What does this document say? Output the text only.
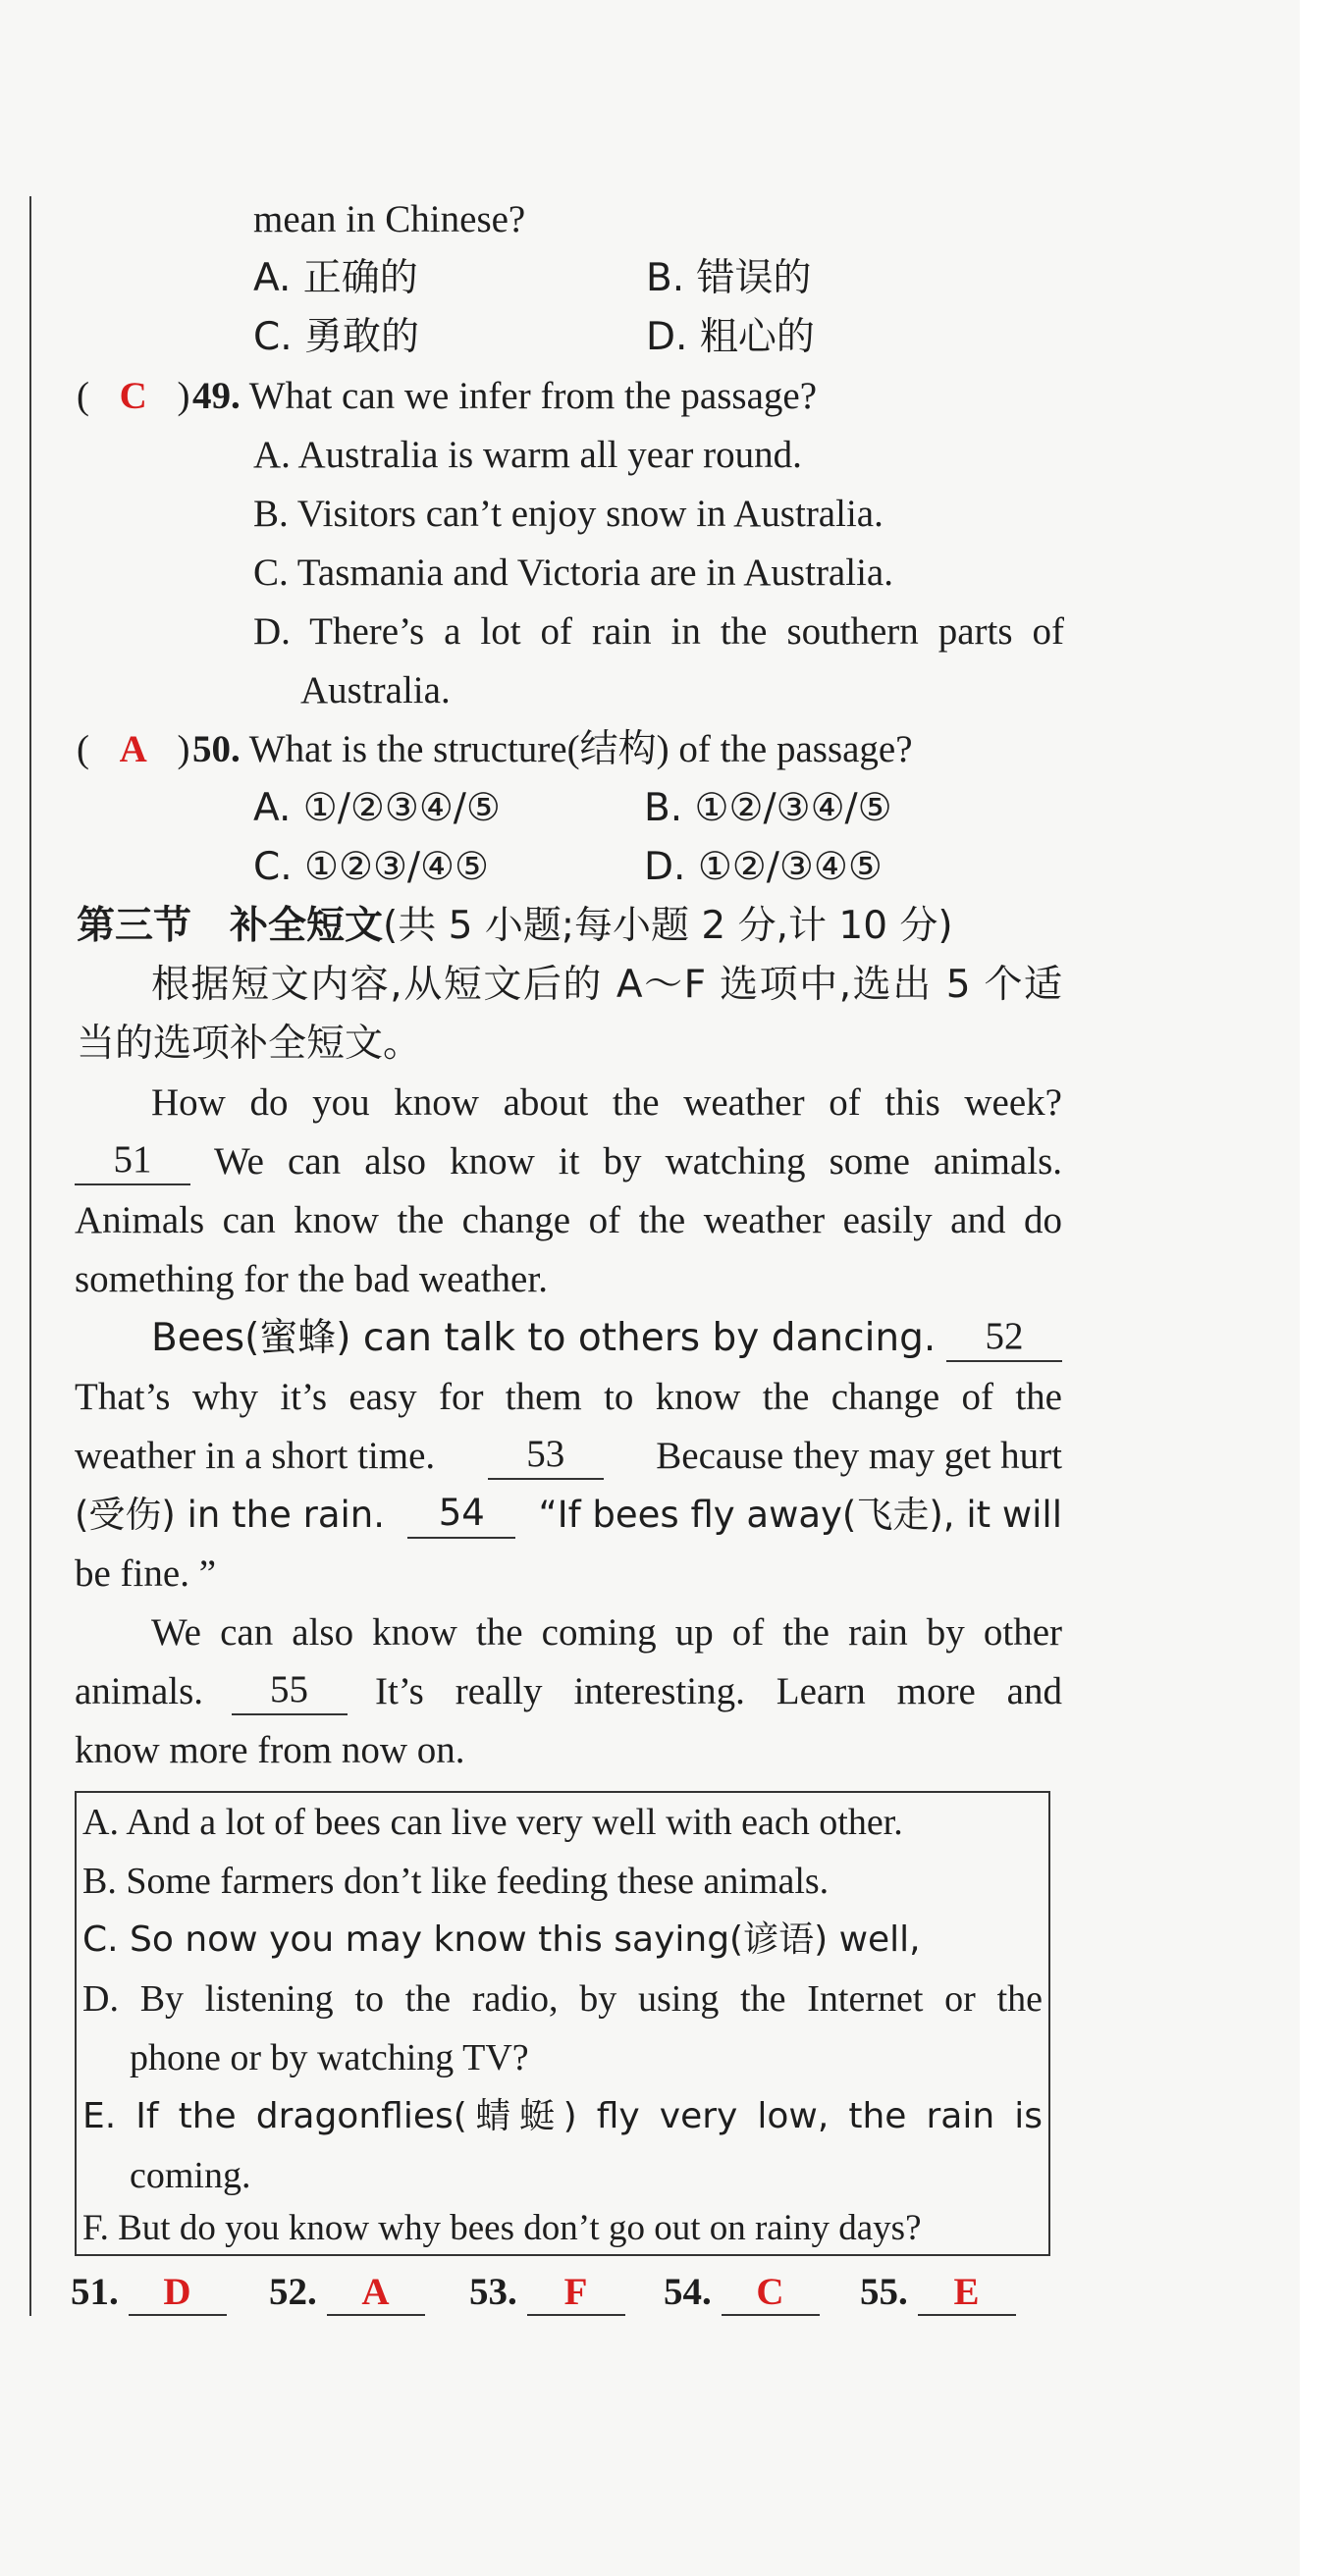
mean in Chinese?
A. 正确的	B. 错误的
C. 勇敢的	D. 粗心的
( C ) 49. What can we infer from the passage?
A. Australia is warm all year round.
B. Visitors can’t enjoy snow in Australia.
C. Tasmania and Victoria are in Australia.
D. There’s a lot of rain in the southern parts of
Australia.
( A ) 50. What is the structure(结构) of the passage?
A. ①/②③④/⑤	B. ①②/③④/⑤
C. ①②③/④⑤	D. ①②/③④⑤
第三节　补全短文(共 5 小题;每小题 2 分,计 10 分)
根据短文内容,从短文后的 A～F 选项中,选出 5 个适
当的选项补全短文。
How do you know about the weather of this week?
51	We can also know it by watching some animals.
Animals can know the change of the weather easily and do
something for the bad weather.
Bees(蜜蜂) can talk to others by dancing.	52
That’s why it’s easy for them to know the change of the
weather in a short time.	53	Because they may get hurt
(受伤) in the rain.	54	“If bees fly away(飞走), it will
be fine. ”
We can also know the coming up of the rain by other
animals.	55	It’s really interesting. Learn more and
know more from now on.
A. And a lot of bees can live very well with each other.
B. Some farmers don’t like feeding these animals.
C. So now you may know this saying(谚语) well,
D. By listening to the radio, by using the Internet or the
phone or by watching TV?
E. If the dragonflies(蜻蜓) fly very low, the rain is
coming.
F. But do you know why bees don’t go out on rainy days?
51. D	52. A	53. F	54. C	55. E
